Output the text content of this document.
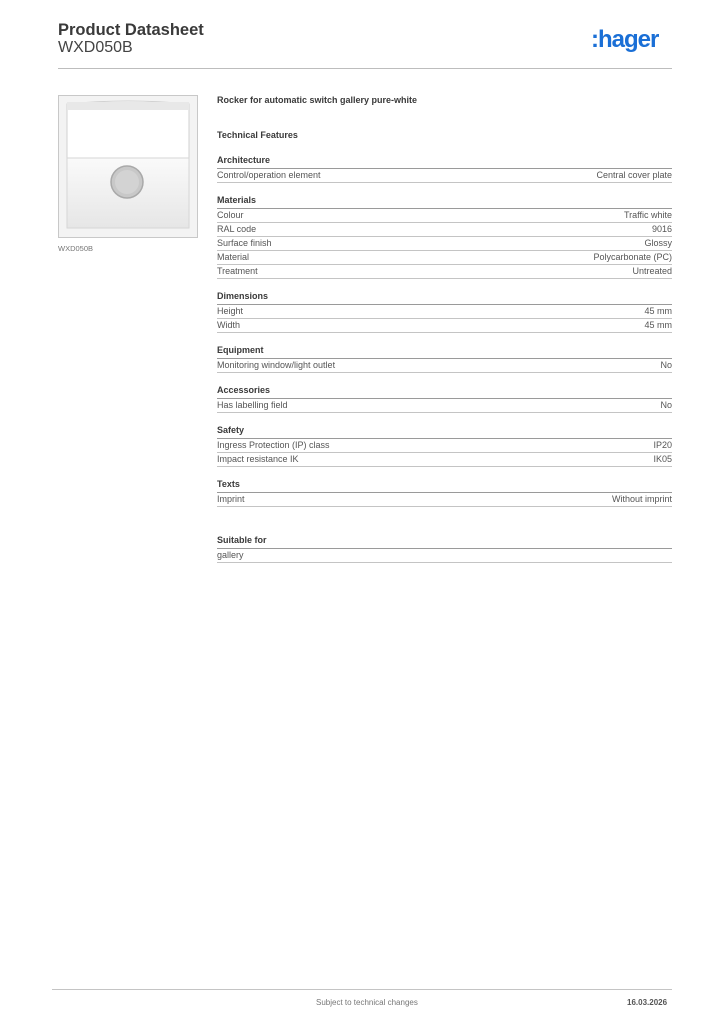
Product Datasheet
WXD050B	:hager
WXD050B
Rocker for automatic switch gallery pure-white
Technical Features
Architecture
Control/operation element	Central cover plate
Materials
Colour	Traffic white
RAL code	9016
Surface finish	Glossy
Material	Polycarbonate (PC)
Treatment	Untreated
Dimensions
Height	45 mm
Width	45 mm
Equipment
Monitoring window/light outlet	No
Accessories
Has labelling field	No
Safety
Ingress Protection (IP) class	IP20
Impact resistance IK	IK05
Texts
Imprint	Without imprint
Suitable for
gallery
Subject to technical changes	16.03.2026
